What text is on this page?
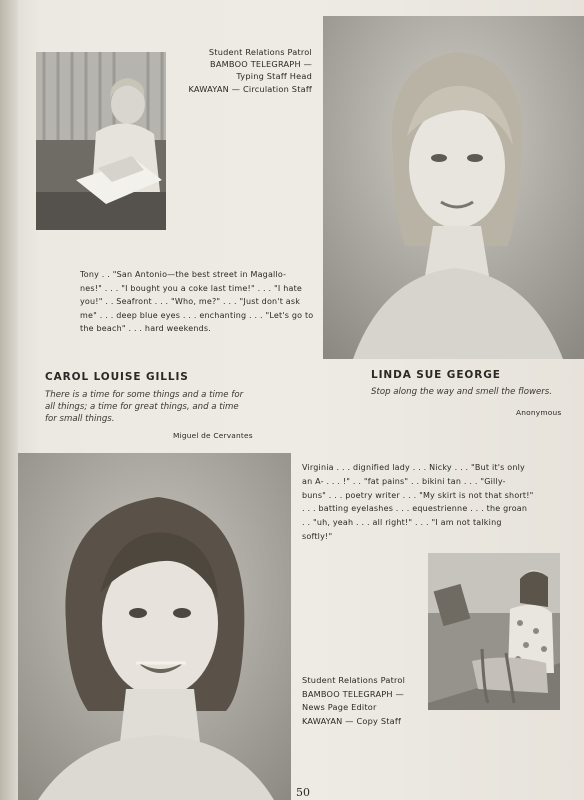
Student Relations Patrol
BAMBOO TELEGRAPH —
Typing Staff Head
KAWAYAN — Circulation Staff

Tony . . "San Antonio—the best street in Magallo-

nes!" . . . "I bought you a coke last time!" . . . "I hate

you!" . . Seafront . . . "Who, me?" . . . "Just don't ask

me" . . . deep blue eyes . . . enchanting . . . "Let's go to

the beach" . . . hard weekends.

CAROL LOUISE GILLIS
There is a time for some things and a time for
all things; a time for great things, and a time
for small things.
Miguel de Cervantes
LINDA SUE GEORGE
Stop along the way and smell the flowers.
Anonymous

Virginia . . . dignified lady . . . Nicky . . . "But it's only

an A- . . . !" . . "fat pains" . . bikini tan . . . "Gilly-

buns" . . . poetry writer . . . "My skirt is not that short!"

. . . batting eyelashes . . . equestrienne . . . the groan

. . "uh, yeah . . . all right!" . . . "I am not talking

softly!"

Student Relations Patrol
BAMBOO TELEGRAPH —
News Page Editor
KAWAYAN — Copy Staff
50
